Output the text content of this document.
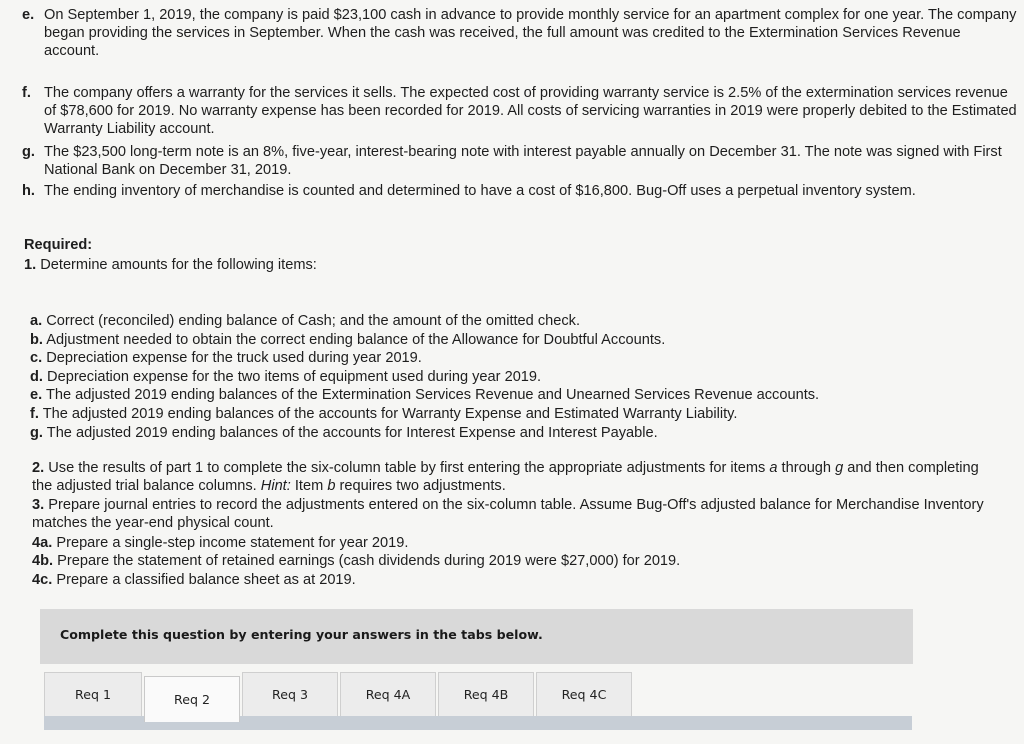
e. On September 1, 2019, the company is paid $23,100 cash in advance to provide monthly service for an apartment complex for one year. The company began providing the services in September. When the cash was received, the full amount was credited to the Extermination Services Revenue account.
f. The company offers a warranty for the services it sells. The expected cost of providing warranty service is 2.5% of the extermination services revenue of $78,600 for 2019. No warranty expense has been recorded for 2019. All costs of servicing warranties in 2019 were properly debited to the Estimated Warranty Liability account.
g. The $23,500 long-term note is an 8%, five-year, interest-bearing note with interest payable annually on December 31. The note was signed with First National Bank on December 31, 2019.
h. The ending inventory of merchandise is counted and determined to have a cost of $16,800. Bug-Off uses a perpetual inventory system.
Required:
1. Determine amounts for the following items:
a. Correct (reconciled) ending balance of Cash; and the amount of the omitted check.
b. Adjustment needed to obtain the correct ending balance of the Allowance for Doubtful Accounts.
c. Depreciation expense for the truck used during year 2019.
d. Depreciation expense for the two items of equipment used during year 2019.
e. The adjusted 2019 ending balances of the Extermination Services Revenue and Unearned Services Revenue accounts.
f. The adjusted 2019 ending balances of the accounts for Warranty Expense and Estimated Warranty Liability.
g. The adjusted 2019 ending balances of the accounts for Interest Expense and Interest Payable.
2. Use the results of part 1 to complete the six-column table by first entering the appropriate adjustments for items a through g and then completing the adjusted trial balance columns. Hint: Item b requires two adjustments.
3. Prepare journal entries to record the adjustments entered on the six-column table. Assume Bug-Off's adjusted balance for Merchandise Inventory matches the year-end physical count.
4a. Prepare a single-step income statement for year 2019.
4b. Prepare the statement of retained earnings (cash dividends during 2019 were $27,000) for 2019.
4c. Prepare a classified balance sheet as at 2019.
Complete this question by entering your answers in the tabs below.
Req 1	Req 2	Req 3	Req 4A	Req 4B	Req 4C
